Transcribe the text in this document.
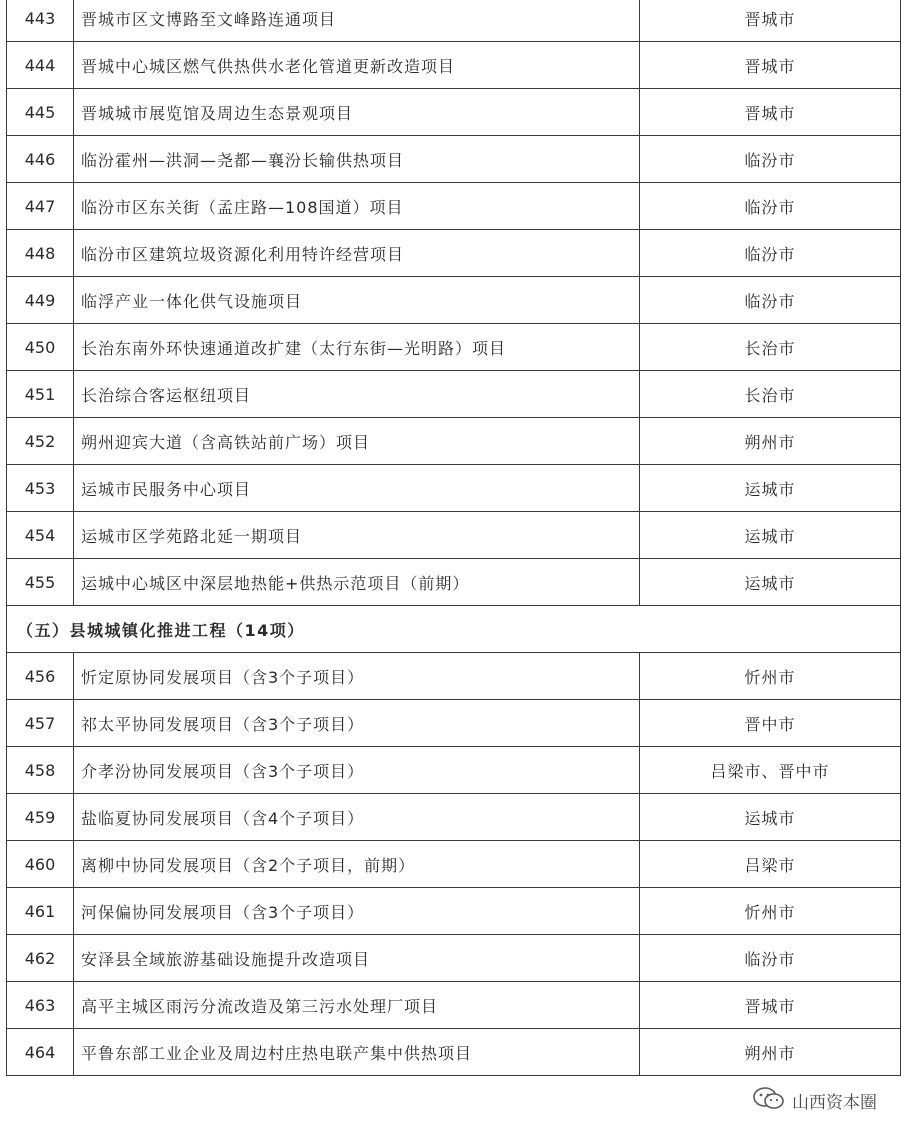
443	晋城市区文博路至文峰路连通项目	晋城市
444	晋城中心城区燃气供热供水老化管道更新改造项目	晋城市
445	晋城城市展览馆及周边生态景观项目	晋城市
446	临汾霍州—洪洞—尧都—襄汾长输供热项目	临汾市
447	临汾市区东关街（孟庄路—108国道）项目	临汾市
448	临汾市区建筑垃圾资源化利用特许经营项目	临汾市
449	临浮产业一体化供气设施项目	临汾市
450	长治东南外环快速通道改扩建（太行东街—光明路）项目	长治市
451	长治综合客运枢纽项目	长治市
452	朔州迎宾大道（含高铁站前广场）项目	朔州市
453	运城市民服务中心项目	运城市
454	运城市区学苑路北延一期项目	运城市
455	运城中心城区中深层地热能+供热示范项目（前期）	运城市
（五）县城城镇化推进工程（14项）		
456	忻定原协同发展项目（含3个子项目）	忻州市
457	祁太平协同发展项目（含3个子项目）	晋中市
458	介孝汾协同发展项目（含3个子项目）	吕梁市、晋中市
459	盐临夏协同发展项目（含4个子项目）	运城市
460	离柳中协同发展项目（含2个子项目，前期）	吕梁市
461	河保偏协同发展项目（含3个子项目）	忻州市
462	安泽县全域旅游基础设施提升改造项目	临汾市
463	高平主城区雨污分流改造及第三污水处理厂项目	晋城市
464	平鲁东部工业企业及周边村庄热电联产集中供热项目	朔州市
山西资本圈
